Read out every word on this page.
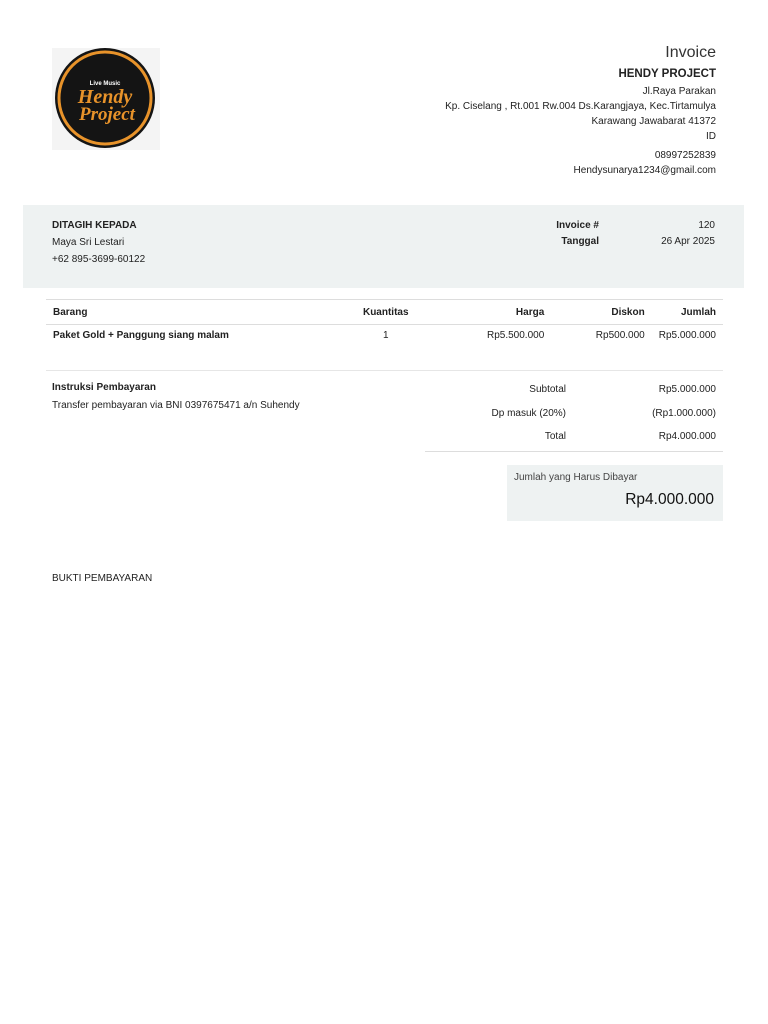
Live Music
Hendy
Project
Invoice
HENDY PROJECT
Jl.Raya Parakan
Kp. Ciselang , Rt.001 Rw.004 Ds.Karangjaya, Kec.Tirtamulya
Karawang Jawabarat 41372
ID
08997252839
Hendysunarya1234@gmail.com
DITAGIH KEPADA
Maya Sri Lestari
+62 895-3699-60122
Invoice #	120
Tanggal	26 Apr 2025
Barang	Kuantitas	Harga	Diskon	Jumlah
Paket Gold + Panggung siang malam	1	Rp5.500.000	Rp500.000	Rp5.000.000
Instruksi Pembayaran
Transfer pembayaran via BNI 0397675471 a/n Suhendy
Subtotal	Rp5.000.000
Dp masuk (20%)	(Rp1.000.000)
Total	Rp4.000.000
Jumlah yang Harus Dibayar
Rp4.000.000
BUKTI PEMBAYARAN
